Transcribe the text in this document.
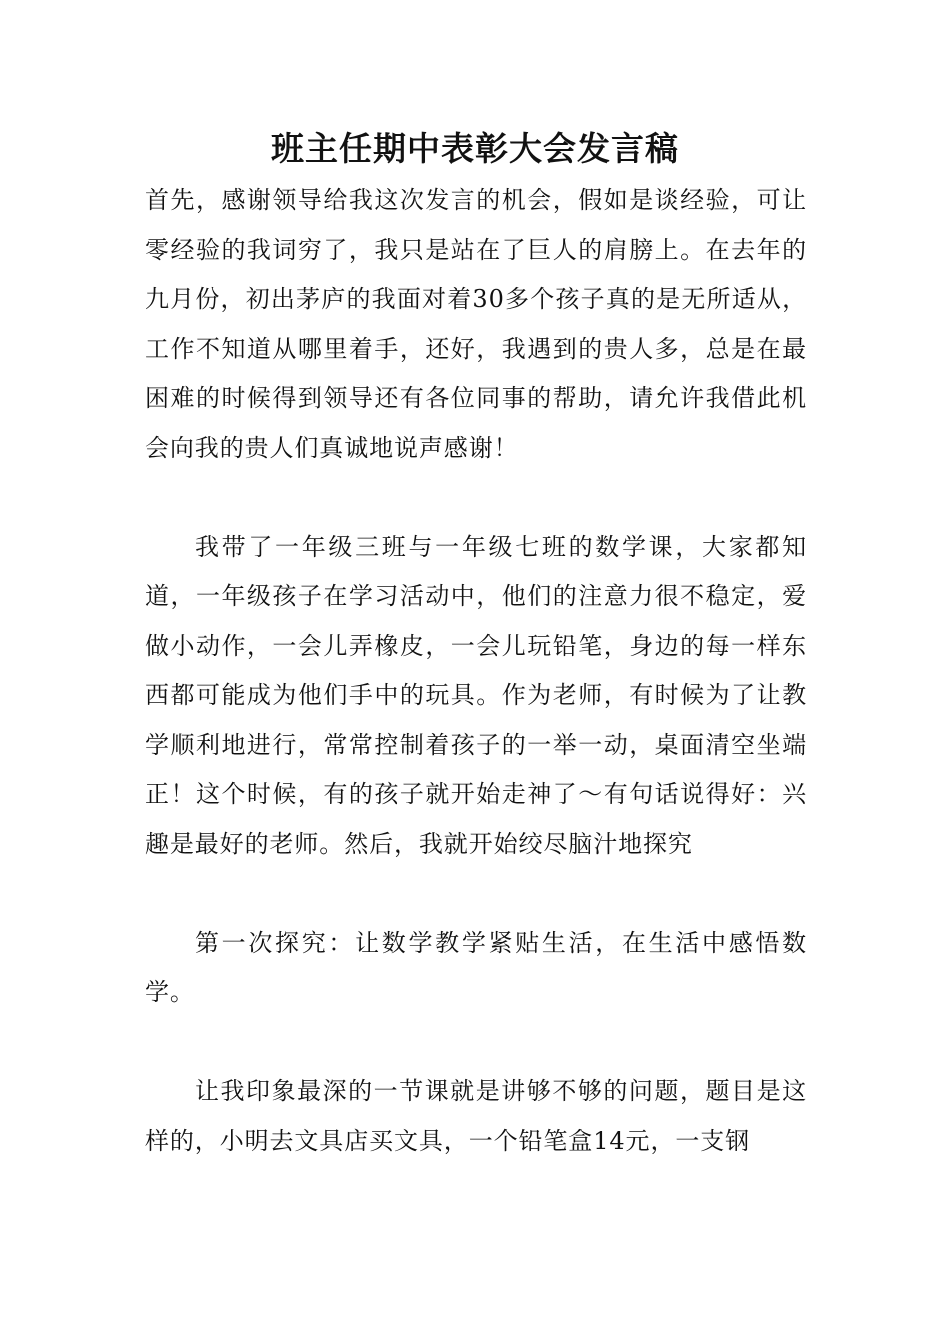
班主任期中表彰大会发言稿

首先，感谢领导给我这次发言的机会，假如是谈经验，可让零经验的我词穷了，我只是站在了巨人的肩膀上。在去年的九月份，初出茅庐的我面对着30多个孩子真的是无所适从，工作不知道从哪里着手，还好，我遇到的贵人多，总是在最困难的时候得到领导还有各位同事的帮助，请允许我借此机会向我的贵人们真诚地说声感谢！

我带了一年级三班与一年级七班的数学课，大家都知道，一年级孩子在学习活动中，他们的注意力很不稳定，爱做小动作，一会儿弄橡皮，一会儿玩铅笔，身边的每一样东西都可能成为他们手中的玩具。作为老师，有时候为了让教学顺利地进行，常常控制着孩子的一举一动，桌面清空坐端正！这个时候，有的孩子就开始走神了～有句话说得好：兴趣是最好的老师。然后，我就开始绞尽脑汁地探究

第一次探究：让数学教学紧贴生活，在生活中感悟数学。

让我印象最深的一节课就是讲够不够的问题，题目是这样的，小明去文具店买文具，一个铅笔盒14元，一支钢
